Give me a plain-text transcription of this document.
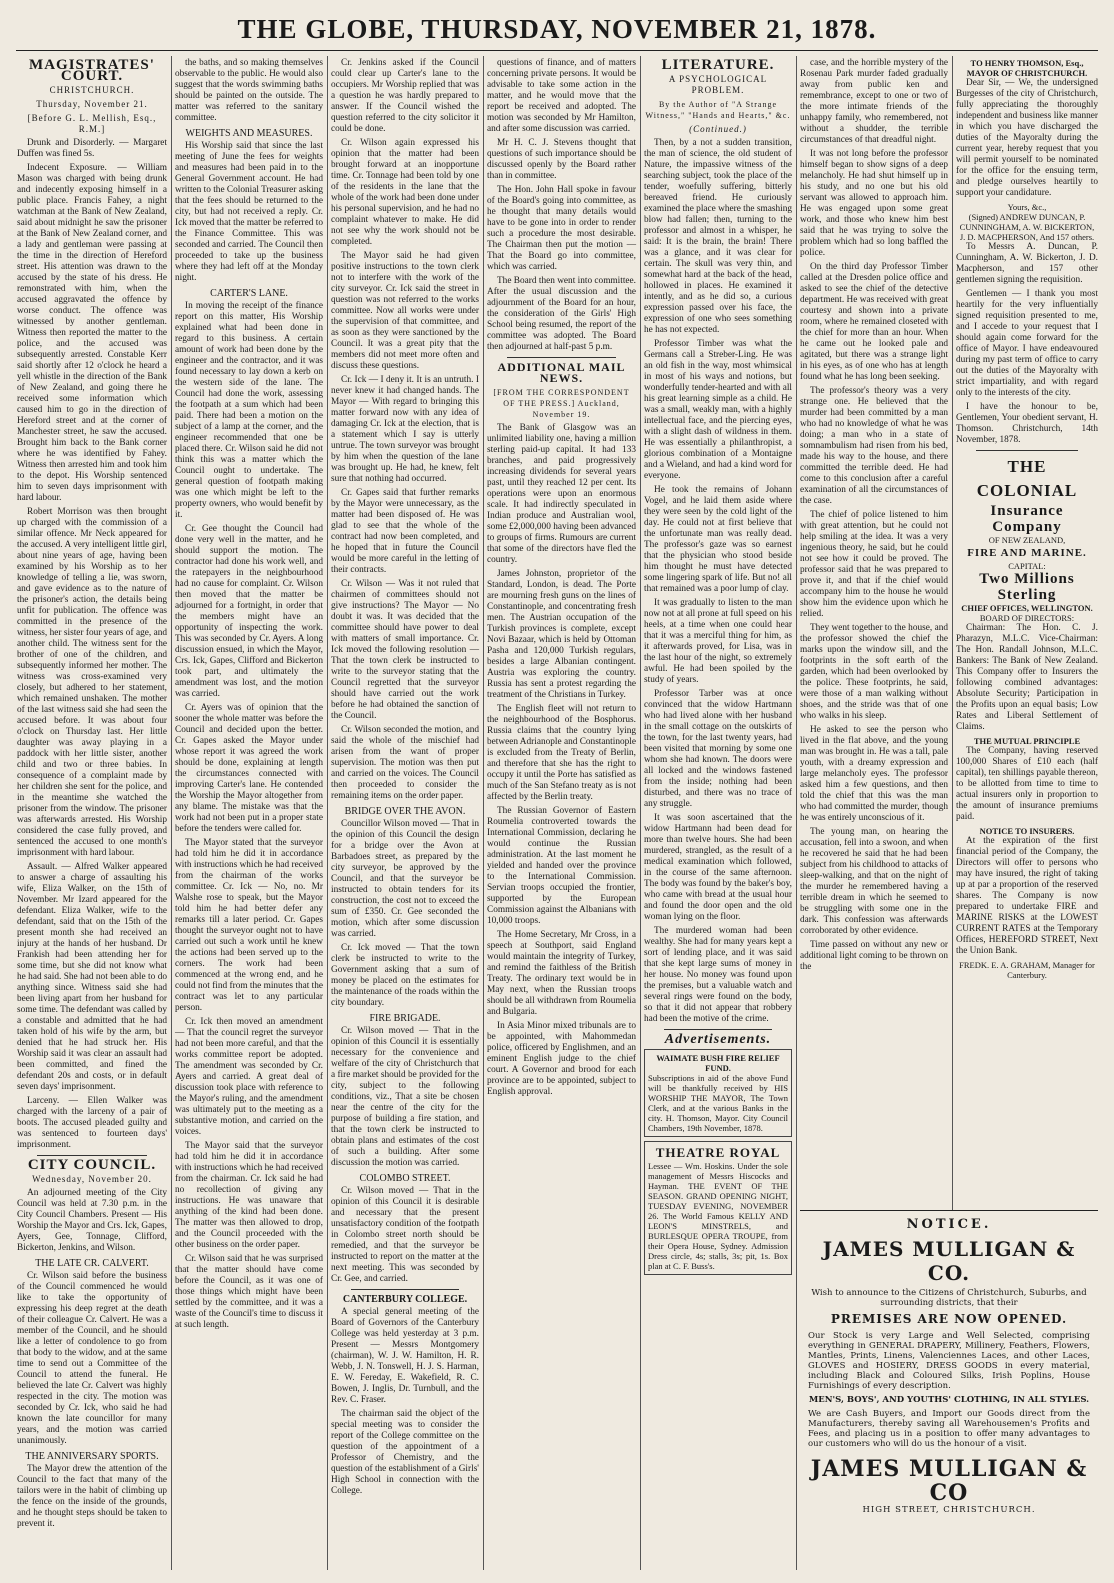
THE GLOBE, THURSDAY, NOVEMBER 21, 1878.
MAGISTRATES' COURT.
CHRISTCHURCH.
Thursday, November 21.
[Before G. L. Mellish, Esq., R.M.]

Drunk and Disorderly. — Margaret Duffen was fined 5s.

Indecent Exposure. — William Mason was charged with being drunk and indecently exposing himself in a public place. Francis Fahey, a night watchman at the Bank of New Zealand, said about midnight he saw the prisoner at the Bank of New Zealand corner, and a lady and gentleman were passing at the time in the direction of Hereford street. His attention was drawn to the accused by the state of his dress. He remonstrated with him, when the accused aggravated the offence by worse conduct. The offence was witnessed by another gentleman. Witness then reported the matter to the police, and the accused was subsequently arrested. Constable Kerr said shortly after 12 o'clock he heard a yell whistle in the direction of the Bank of New Zealand, and going there he received some information which caused him to go in the direction of Hereford street and at the corner of Manchester street, he saw the accused. Brought him back to the Bank corner where he was identified by Fahey. Witness then arrested him and took him to the depot. His Worship sentenced him to seven days imprisonment with hard labour.

Robert Morrison was then brought up charged with the commission of a similar offence. Mr Neck appeared for the accused. A very intelligent little girl, about nine years of age, having been examined by his Worship as to her knowledge of telling a lie, was sworn, and gave evidence as to the nature of the prisoner's action, the details being unfit for publication. The offence was committed in the presence of the witness, her sister four years of age, and another child. The witness sent for the brother of one of the children, and subsequently informed her mother. The witness was cross-examined very closely, but adhered to her statement, which remained unshaken. The mother of the last witness said she had seen the accused before. It was about four o'clock on Thursday last. Her little daughter was away playing in a paddock with her little sister, another child and two or three babies. In consequence of a complaint made by her children she sent for the police, and in the meantime she watched the prisoner from the window. The prisoner was afterwards arrested. His Worship considered the case fully proved, and sentenced the accused to one month's imprisonment with hard labour.

Assault. — Alfred Walker appeared to answer a charge of assaulting his wife, Eliza Walker, on the 15th of November. Mr Izard appeared for the defendant. Eliza Walker, wife to the defendant, said that on the 15th of the present month she had received an injury at the hands of her husband. Dr Frankish had been attending her for some time, but she did not know what he had said. She had not been able to do anything since. Witness said she had been living apart from her husband for some time. The defendant was called by a constable and admitted that he had taken hold of his wife by the arm, but denied that he had struck her. His Worship said it was clear an assault had been committed, and fined the defendant 20s and costs, or in default seven days' imprisonment.

Larceny. — Ellen Walker was charged with the larceny of a pair of boots. The accused pleaded guilty and was sentenced to fourteen days' imprisonment.

CITY COUNCIL.
Wednesday, November 20.

An adjourned meeting of the City Council was held at 7.30 p.m. in the City Council Chambers. Present — His Worship the Mayor and Crs. Ick, Gapes, Ayers, Gee, Tonnage, Clifford, Bickerton, Jenkins, and Wilson.

THE LATE CR. CALVERT.

Cr. Wilson said before the business of the Council commenced he would like to take the opportunity of expressing his deep regret at the death of their colleague Cr. Calvert. He was a member of the Council, and he should like a letter of condolence to go from that body to the widow, and at the same time to send out a Committee of the Council to attend the funeral. He believed the late Cr. Calvert was highly respected in the city. The motion was seconded by Cr. Ick, who said he had known the late councillor for many years, and the motion was carried unanimously.

THE ANNIVERSARY SPORTS.

The Mayor drew the attention of the Council to the fact that many of the tailors were in the habit of climbing up the fence on the inside of the grounds, and he thought steps should be taken to prevent it.

the baths, and so making themselves observable to the public. He would also suggest that the words swimming baths should be painted on the outside. The matter was referred to the sanitary committee.

WEIGHTS AND MEASURES.

His Worship said that since the last meeting of June the fees for weights and measures had been paid in to the General Government account. He had written to the Colonial Treasurer asking that the fees should be returned to the city, but had not received a reply. Cr. Ick moved that the matter be referred to the Finance Committee. This was seconded and carried. The Council then proceeded to take up the business where they had left off at the Monday night.

CARTER'S LANE.

In moving the receipt of the finance report on this matter, His Worship explained what had been done in regard to this business. A certain amount of work had been done by the engineer and the contractor, and it was found necessary to lay down a kerb on the western side of the lane. The Council had done the work, assessing the footpath at a sum which had been paid. There had been a motion on the subject of a lamp at the corner, and the engineer recommended that one be placed there. Cr. Wilson said he did not think this was a matter which the Council ought to undertake. The general question of footpath making was one which might be left to the property owners, who would benefit by it.

Cr. Gee thought the Council had done very well in the matter, and he should support the motion. The contractor had done his work well, and the ratepayers in the neighbourhood had no cause for complaint. Cr. Wilson then moved that the matter be adjourned for a fortnight, in order that the members might have an opportunity of inspecting the work. This was seconded by Cr. Ayers. A long discussion ensued, in which the Mayor, Crs. Ick, Gapes, Clifford and Bickerton took part, and ultimately the amendment was lost, and the motion was carried.

Cr. Ayers was of opinion that the sooner the whole matter was before the Council and decided upon the better. Cr. Gapes asked the Mayor under whose report it was agreed the work should be done, explaining at length the circumstances connected with improving Carter's lane. He contended the Worship the Mayor altogether from any blame. The mistake was that the work had not been put in a proper state before the tenders were called for.

The Mayor stated that the surveyor had told him he did it in accordance with instructions which he had received from the chairman of the works committee. Cr. Ick — No, no. Mr Walshe rose to speak, but the Mayor told him he had better defer any remarks till a later period. Cr. Gapes thought the surveyor ought not to have carried out such a work until he knew the actions had been served up to the corners. The work had been commenced at the wrong end, and he could not find from the minutes that the contract was let to any particular person.

Cr. Ick then moved an amendment — That the council regret the surveyor had not been more careful, and that the works committee report be adopted. The amendment was seconded by Cr. Ayers and carried. A great deal of discussion took place with reference to the Mayor's ruling, and the amendment was ultimately put to the meeting as a substantive motion, and carried on the voices.

The Mayor said that the surveyor had told him he did it in accordance with instructions which he had received from the chairman. Cr. Ick said he had no recollection of giving any instructions. He was unaware that anything of the kind had been done. The matter was then allowed to drop, and the Council proceeded with the other business on the order paper.

Cr. Wilson said that he was surprised that the matter should have come before the Council, as it was one of those things which might have been settled by the committee, and it was a waste of the Council's time to discuss it at such length.

Cr. Jenkins asked if the Council could clear up Carter's lane to the occupiers. Mr Worship replied that was a question he was hardly prepared to answer. If the Council wished the question referred to the city solicitor it could be done.

Cr. Wilson again expressed his opinion that the matter had been brought forward at an inopportune time. Cr. Tonnage had been told by one of the residents in the lane that the whole of the work had been done under his personal supervision, and he had no complaint whatever to make. He did not see why the work should not be completed.

The Mayor said he had given positive instructions to the town clerk not to interfere with the work of the city surveyor. Cr. Ick said the street in question was not referred to the works committee. Now all works were under the supervision of that committee, and as soon as they were sanctioned by the Council. It was a great pity that the members did not meet more often and discuss these questions.

Cr. Ick — I deny it. It is an untruth. I never knew it had changed hands. The Mayor — With regard to bringing this matter forward now with any idea of damaging Cr. Ick at the election, that is a statement which I say is utterly untrue. The town surveyor was brought by him when the question of the lane was brought up. He had, he knew, felt sure that nothing had occurred.

Cr. Gapes said that further remarks by the Mayor were unnecessary, as the matter had been disposed of. He was glad to see that the whole of the contract had now been completed, and he hoped that in future the Council would be more careful in the letting of their contracts.

Cr. Wilson — Was it not ruled that chairmen of committees should not give instructions? The Mayor — No doubt it was. It was decided that the committee should have power to deal with matters of small importance. Cr. Ick moved the following resolution — That the town clerk be instructed to write to the surveyor stating that the Council regretted that the surveyor should have carried out the work before he had obtained the sanction of the Council.

Cr. Wilson seconded the motion, and said the whole of the mischief had arisen from the want of proper supervision. The motion was then put and carried on the voices. The Council then proceeded to consider the remaining items on the order paper.

BRIDGE OVER THE AVON.

Councillor Wilson moved — That in the opinion of this Council the design for a bridge over the Avon at Barbadoes street, as prepared by the city surveyor, be approved by the Council, and that the surveyor be instructed to obtain tenders for its construction, the cost not to exceed the sum of £350. Cr. Gee seconded the motion, which after some discussion was carried.

Cr. Ick moved — That the town clerk be instructed to write to the Government asking that a sum of money be placed on the estimates for the maintenance of the roads within the city boundary.

FIRE BRIGADE.

Cr. Wilson moved — That in the opinion of this Council it is essentially necessary for the convenience and welfare of the city of Christchurch that a fire market should be provided for the city, subject to the following conditions, viz., That a site be chosen near the centre of the city for the purpose of building a fire station, and that the town clerk be instructed to obtain plans and estimates of the cost of such a building. After some discussion the motion was carried.

COLOMBO STREET.

Cr. Wilson moved — That in the opinion of this Council it is desirable and necessary that the present unsatisfactory condition of the footpath in Colombo street north should be remedied, and that the surveyor be instructed to report on the matter at the next meeting. This was seconded by Cr. Gee, and carried.

CANTERBURY COLLEGE.

A special general meeting of the Board of Governors of the Canterbury College was held yesterday at 3 p.m. Present — Messrs Montgomery (chairman), W. J. W. Hamilton, H. R. Webb, J. N. Tonswell, H. J. S. Harman, E. W. Fereday, E. Wakefield, R. C. Bowen, J. Inglis, Dr. Turnbull, and the Rev. C. Fraser.

The chairman said the object of the special meeting was to consider the report of the College committee on the question of the appointment of a Professor of Chemistry, and the question of the establishment of a Girls' High School in connection with the College.

questions of finance, and of matters concerning private persons. It would be advisable to take some action in the matter, and he would move that the report be received and adopted. The motion was seconded by Mr Hamilton, and after some discussion was carried.

Mr H. C. J. Stevens thought that questions of such importance should be discussed openly by the Board rather than in committee.

The Hon. John Hall spoke in favour of the Board's going into committee, as he thought that many details would have to be gone into in order to render such a procedure the most desirable. The Chairman then put the motion — That the Board go into committee, which was carried.

The Board then went into committee. After the usual discussion and the adjournment of the Board for an hour, the consideration of the Girls' High School being resumed, the report of the committee was adopted. The Board then adjourned at half-past 5 p.m.

ADDITIONAL MAIL NEWS.
[FROM THE CORRESPONDENT OF THE PRESS.] Auckland, November 19.

The Bank of Glasgow was an unlimited liability one, having a million sterling paid-up capital. It had 133 branches, and paid progressively increasing dividends for several years past, until they reached 12 per cent. Its operations were upon an enormous scale. It had indirectly speculated in Indian produce and Australian wool, some £2,000,000 having been advanced to groups of firms. Rumours are current that some of the directors have fled the country.

James Johnston, proprietor of the Standard, London, is dead. The Porte are mourning fresh guns on the lines of Constantinople, and concentrating fresh men. The Austrian occupation of the Turkish provinces is complete, except Novi Bazaar, which is held by Ottoman Pasha and 120,000 Turkish regulars, besides a large Albanian contingent. Austria was exploring the country. Russia has sent a protest regarding the treatment of the Christians in Turkey.

The English fleet will not return to the neighbourhood of the Bosphorus. Russia claims that the country lying between Adrianople and Constantinople is excluded from the Treaty of Berlin, and therefore that she has the right to occupy it until the Porte has satisfied as much of the San Stefano treaty as is not affected by the Berlin treaty.

The Russian Governor of Eastern Roumelia controverted towards the International Commission, declaring he would continue the Russian administration. At the last moment he yielded and handed over the province to the International Commission. Servian troops occupied the frontier, supported by the European Commission against the Albanians with 10,000 troops.

The Home Secretary, Mr Cross, in a speech at Southport, said England would maintain the integrity of Turkey, and remind the faithless of the British Treaty. The ordinary text would be in May next, when the Russian troops should be all withdrawn from Roumelia and Bulgaria.

In Asia Minor mixed tribunals are to be appointed, with Mahommedan police, officered by Englishmen, and an eminent English judge to the chief court. A Governor and brood for each province are to be appointed, subject to English approval.

LITERATURE.
A PSYCHOLOGICAL PROBLEM.
By the Author of "A Strange Witness," "Hands and Hearts," &c.
(Continued.)

Then, by a not a sudden transition, the man of science, the old student of Nature, the impassive witness of the searching subject, took the place of the tender, woefully suffering, bitterly bereaved friend. He curiously examined the place where the smashing blow had fallen; then, turning to the professor and almost in a whisper, he said: It is the brain, the brain! There was a glance, and it was clear for certain. The skull was very thin, and somewhat hard at the back of the head, hollowed in places. He examined it intently, and as he did so, a curious expression passed over his face, the expression of one who sees something he has not expected.

Professor Timber was what the Germans call a Streber-Ling. He was an old fish in the way, most whimsical in most of his ways and notions, but wonderfully tender-hearted and with all his great learning simple as a child. He was a small, weakly man, with a highly intellectual face, and the piercing eyes, with a slight dash of wildness in them. He was essentially a philanthropist, a glorious combination of a Montaigne and a Wieland, and had a kind word for everyone.

He took the remains of Johann Vogel, and he laid them aside where they were seen by the cold light of the day. He could not at first believe that the unfortunate man was really dead. The professor's gaze was so earnest that the physician who stood beside him thought he must have detected some lingering spark of life. But no! all that remained was a poor lump of clay.

It was gradually to listen to the man now not at all prone at full speed on his heels, at a time when one could hear that it was a merciful thing for him, as it afterwards proved, for Lisa, was in the last hour of the night, so extremely awful. He had been spoiled by the study of years.

Professor Tarber was at once convinced that the widow Hartmann who had lived alone with her husband in the small cottage on the outskirts of the town, for the last twenty years, had been visited that morning by some one whom she had known. The doors were all locked and the windows fastened from the inside; nothing had been disturbed, and there was no trace of any struggle.

It was soon ascertained that the widow Hartmann had been dead for more than twelve hours. She had been murdered, strangled, as the result of a medical examination which followed, in the course of the same afternoon. The body was found by the baker's boy, who came with bread at the usual hour and found the door open and the old woman lying on the floor.

The murdered woman had been wealthy. She had for many years kept a sort of lending place, and it was said that she kept large sums of money in her house. No money was found upon the premises, but a valuable watch and several rings were found on the body, so that it did not appear that robbery had been the motive of the crime.

Advertisements.
WAIMATE BUSH FIRE RELIEF FUND.
Subscriptions in aid of the above Fund will be thankfully received by HIS WORSHIP THE MAYOR, The Town Clerk, and at the various Banks in the city. H. Thomson, Mayor. City Council Chambers, 19th November, 1878.
THEATRE ROYAL
Lessee — Wm. Hoskins. Under the sole management of Messrs Hiscocks and Hayman. THE EVENT OF THE SEASON. GRAND OPENING NIGHT, TUESDAY EVENING, NOVEMBER 26. The World Famous KELLY AND LEON'S MINSTRELS, and BURLESQUE OPERA TROUPE, from their Opera House, Sydney. Admission Dress circle, 4s; stalls, 3s; pit, 1s. Box plan at C. F. Buss's.

case, and the horrible mystery of the Rosenau Park murder faded gradually away from public ken and remembrance, except to one or two of the more intimate friends of the unhappy family, who remembered, not without a shudder, the terrible circumstances of that dreadful night.

It was not long before the professor himself began to show signs of a deep melancholy. He had shut himself up in his study, and no one but his old servant was allowed to approach him. He was engaged upon some great work, and those who knew him best said that he was trying to solve the problem which had so long baffled the police.

On the third day Professor Timber called at the Dresden police office and asked to see the chief of the detective department. He was received with great courtesy and shown into a private room, where he remained closeted with the chief for more than an hour. When he came out he looked pale and agitated, but there was a strange light in his eyes, as of one who has at length found what he has long been seeking.

The professor's theory was a very strange one. He believed that the murder had been committed by a man who had no knowledge of what he was doing; a man who in a state of somnambulism had risen from his bed, made his way to the house, and there committed the terrible deed. He had come to this conclusion after a careful examination of all the circumstances of the case.

The chief of police listened to him with great attention, but he could not help smiling at the idea. It was a very ingenious theory, he said, but he could not see how it could be proved. The professor said that he was prepared to prove it, and that if the chief would accompany him to the house he would show him the evidence upon which he relied.

They went together to the house, and the professor showed the chief the marks upon the window sill, and the footprints in the soft earth of the garden, which had been overlooked by the police. These footprints, he said, were those of a man walking without shoes, and the stride was that of one who walks in his sleep.

He asked to see the person who lived in the flat above, and the young man was brought in. He was a tall, pale youth, with a dreamy expression and large melancholy eyes. The professor asked him a few questions, and then told the chief that this was the man who had committed the murder, though he was entirely unconscious of it.

The young man, on hearing the accusation, fell into a swoon, and when he recovered he said that he had been subject from his childhood to attacks of sleep-walking, and that on the night of the murder he remembered having a terrible dream in which he seemed to be struggling with some one in the dark. This confession was afterwards corroborated by other evidence.

Time passed on without any new or additional light coming to be thrown on the

TO HENRY THOMSON, Esq., MAYOR OF CHRISTCHURCH.

Dear Sir, — We, the undersigned Burgesses of the city of Christchurch, fully appreciating the thoroughly independent and business like manner in which you have discharged the duties of the Mayoralty during the current year, hereby request that you will permit yourself to be nominated for the office for the ensuing term, and pledge ourselves heartily to support your candidature.

Yours, &c.,
(Signed) ANDREW DUNCAN, P. CUNNINGHAM, A. W. BICKERTON, J. D. MACPHERSON, And 157 others.

To Messrs A. Duncan, P. Cunningham, A. W. Bickerton, J. D. Macpherson, and 157 other gentlemen signing the requisition.

Gentlemen — I thank you most heartily for the very influentially signed requisition presented to me, and I accede to your request that I should again come forward for the office of Mayor. I have endeavoured during my past term of office to carry out the duties of the Mayoralty with strict impartiality, and with regard only to the interests of the city.

I have the honour to be, Gentlemen, Your obedient servant, H. Thomson. Christchurch, 14th November, 1878.

THE COLONIAL
Insurance Company
OF NEW ZEALAND,
FIRE AND MARINE.
CAPITAL:
Two Millions Sterling
CHIEF OFFICES, WELLINGTON.
BOARD OF DIRECTORS:

Chairman: The Hon. C. J. Pharazyn, M.L.C. Vice-Chairman: The Hon. Randall Johnson, M.L.C. Bankers: The Bank of New Zealand. This Company offer to Insurers the following combined advantages: Absolute Security; Participation in the Profits upon an equal basis; Low Rates and Liberal Settlement of Claims.

THE MUTUAL PRINCIPLE

The Company, having reserved 100,000 Shares of £10 each (half capital), ten shillings payable thereon, to be allotted from time to time to actual insurers only in proportion to the amount of insurance premiums paid.

NOTICE TO INSURERS.

At the expiration of the first financial period of the Company, the Directors will offer to persons who may have insured, the right of taking up at par a proportion of the reserved shares. The Company is now prepared to undertake FIRE and MARINE RISKS at the LOWEST CURRENT RATES at the Temporary Offices, HEREFORD STREET, Next the Union Bank.

FREDK. E. A. GRAHAM, Manager for Canterbury.
NOTICE.
JAMES MULLIGAN & CO.
Wish to announce to the Citizens of Christchurch, Suburbs, and surrounding districts, that their
PREMISES ARE NOW OPENED.
Our Stock is very Large and Well Selected, comprising everything in GENERAL DRAPERY, Millinery, Feathers, Flowers, Mantles, Prints, Linens, Valenciennes Laces, and other Laces, GLOVES and HOSIERY, DRESS GOODS in every material, including Black and Coloured Silks, Irish Poplins, House Furnishings of every description.
MEN'S, BOYS', AND YOUTHS' CLOTHING, IN ALL STYLES.
We are Cash Buyers, and Import our Goods direct from the Manufacturers, thereby saving all Warehousemen's Profits and Fees, and placing us in a position to offer many advantages to our customers who will do us the honour of a visit.
JAMES MULLIGAN & CO
HIGH STREET, CHRISTCHURCH.
